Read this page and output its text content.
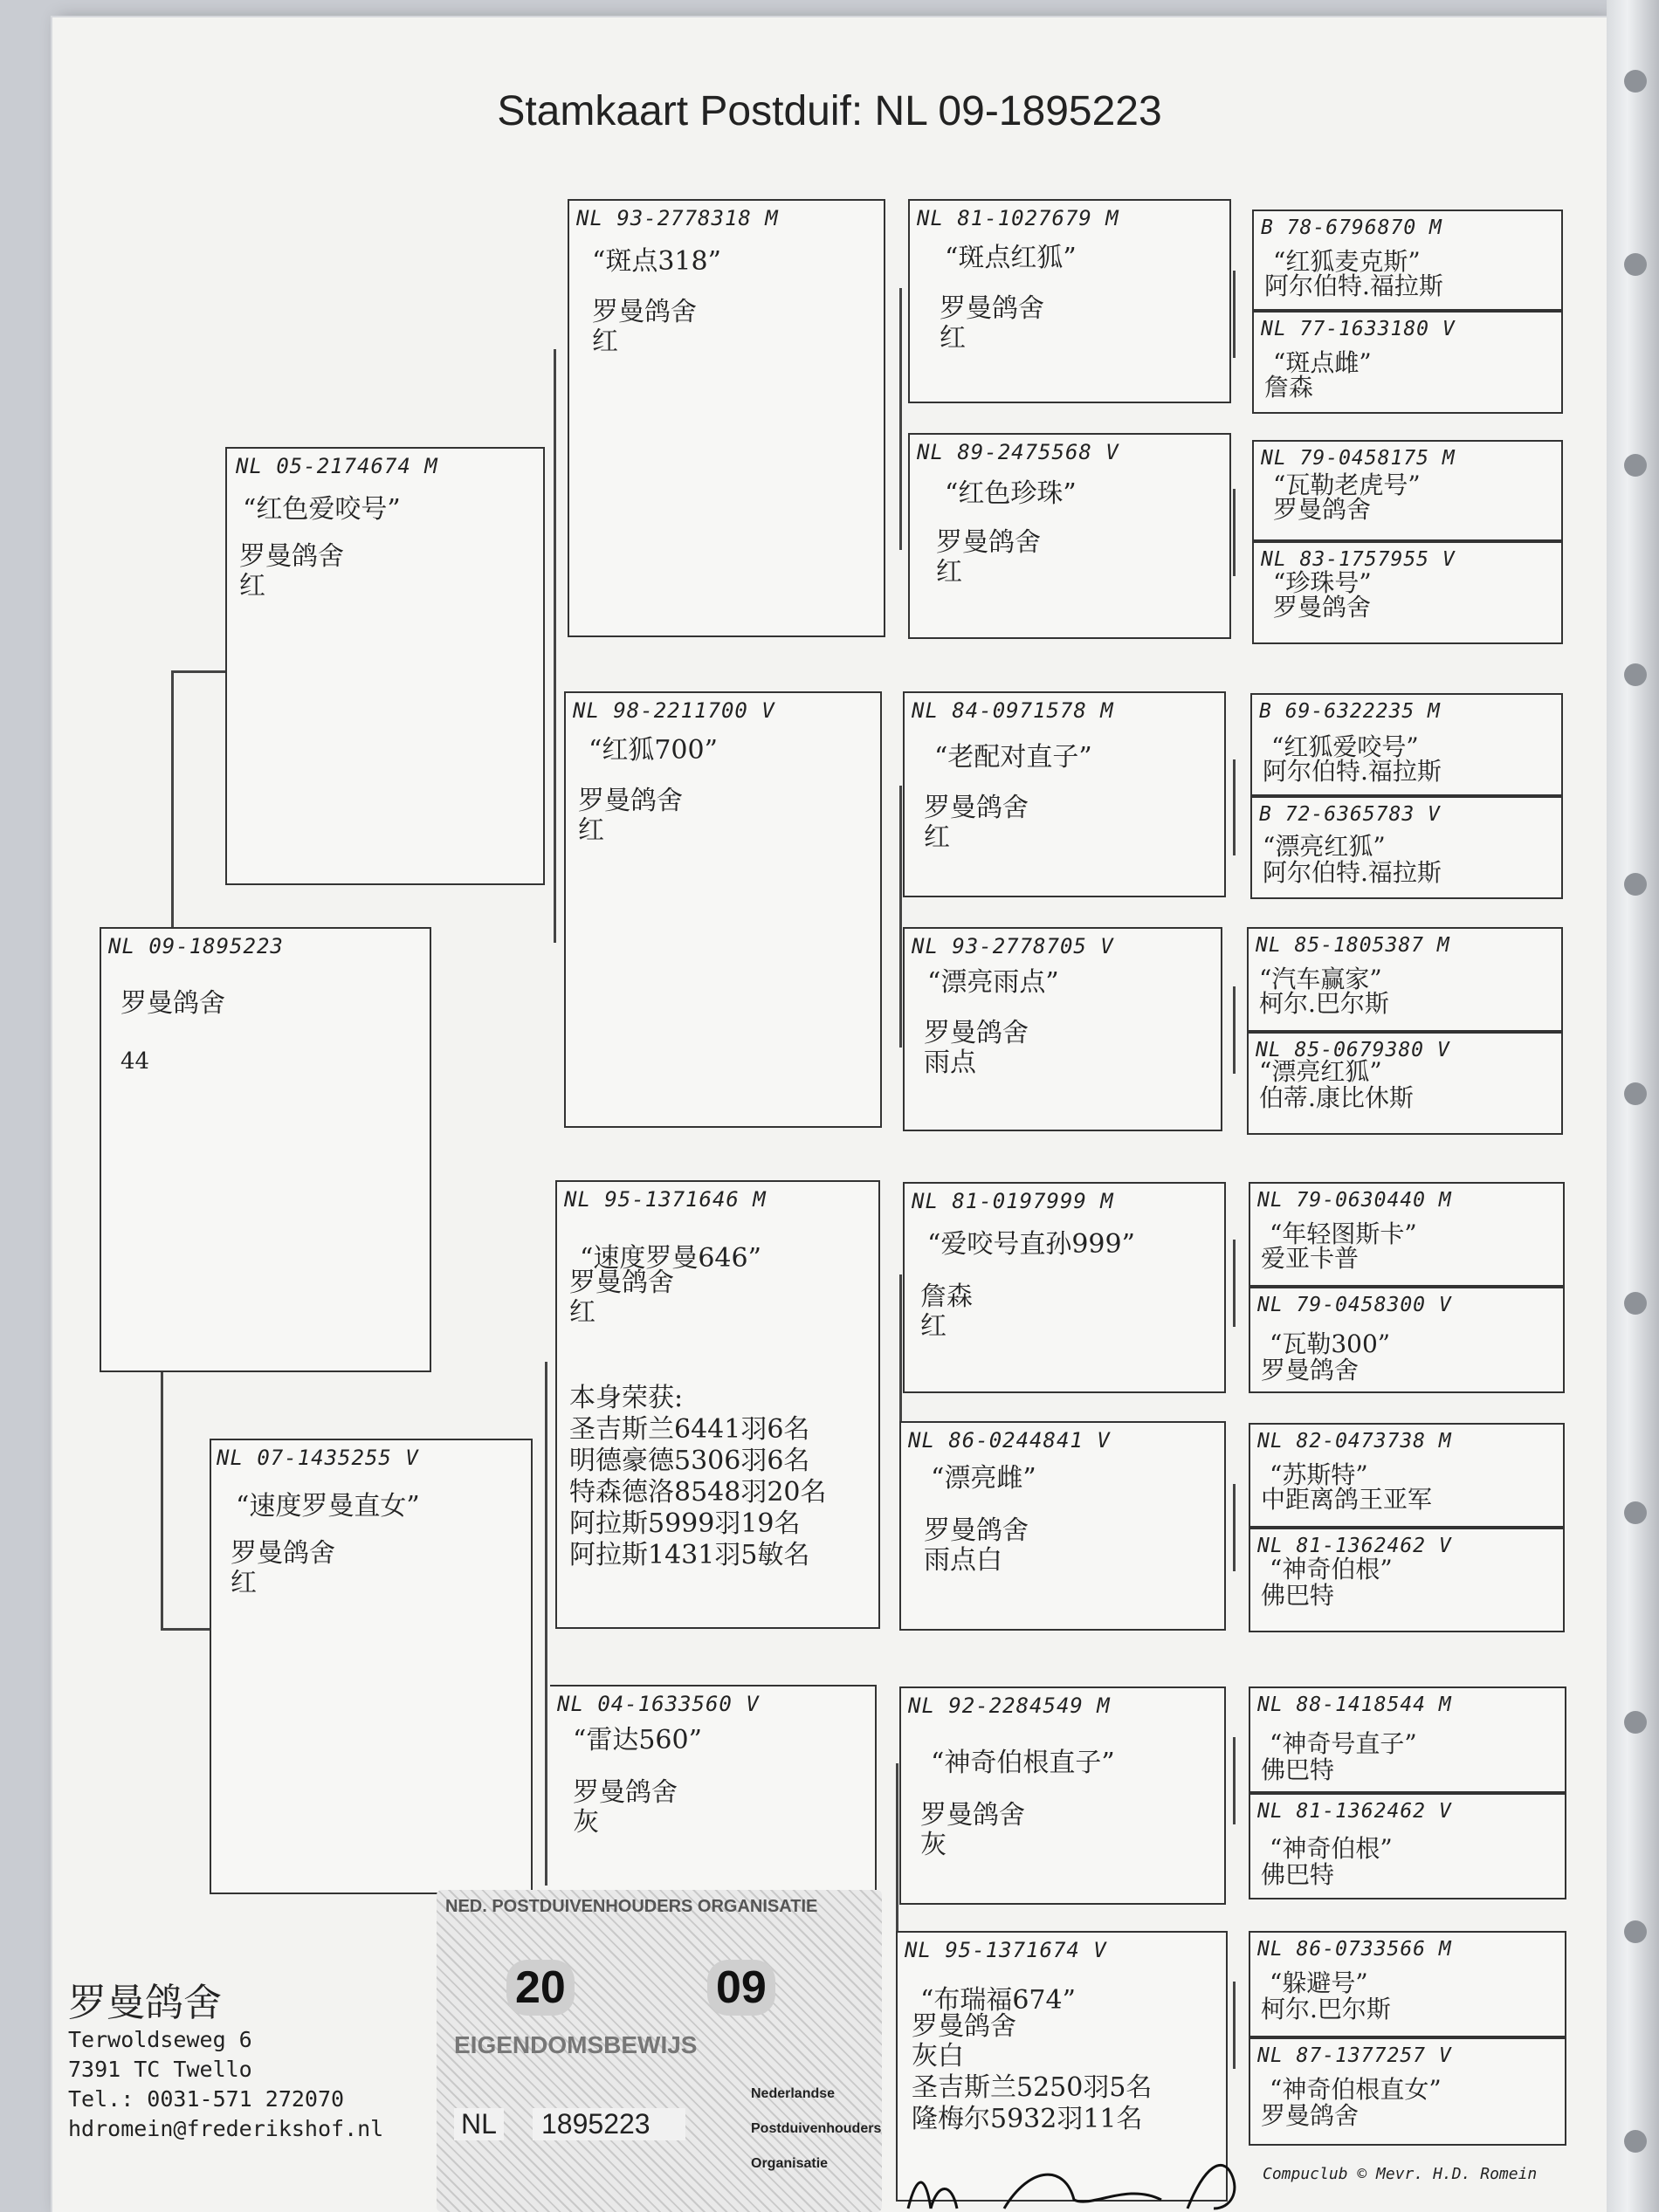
Stamkaart Postduif: NL 09-1895223
NL 09-1895223
罗曼鸽舍
44
NL 05-2174674 M
“红色爱咬号”
罗曼鸽舍
红
NL 07-1435255 V
“速度罗曼直女”
罗曼鸽舍
红
NL 93-2778318 M
“斑点318”
罗曼鸽舍
红
NL 98-2211700 V
“红狐700”
罗曼鸽舍
红
NL 95-1371646 M
“速度罗曼646”
罗曼鸽舍
红
本身荣获:
圣吉斯兰6441羽6名
明德豪德5306羽6名
特森德洛8548羽20名
阿拉斯5999羽19名
阿拉斯1431羽5敏名
NL 04-1633560 V
“雷达560”
罗曼鸽舍
灰
NL 81-1027679 M
“斑点红狐”
罗曼鸽舍
红
NL 89-2475568 V
“红色珍珠”
罗曼鸽舍
红
NL 84-0971578 M
“老配对直子”
罗曼鸽舍
红
NL 93-2778705 V
“漂亮雨点”
罗曼鸽舍
雨点
NL 81-0197999 M
“爱咬号直孙999”
詹森
红
NL 86-0244841 V
“漂亮雌”
罗曼鸽舍
雨点白
NL 92-2284549 M
“神奇伯根直子”
罗曼鸽舍
灰
NL 95-1371674 V
“布瑞福674”
罗曼鸽舍
灰白
圣吉斯兰5250羽5名
隆梅尔5932羽11名
B 78-6796870 M
“红狐麦克斯”
阿尔伯特.福拉斯
NL 77-1633180 V
“斑点雌”
詹森
NL 79-0458175 M
“瓦勒老虎号”
罗曼鸽舍
NL 83-1757955 V
“珍珠号”
罗曼鸽舍
B 69-6322235 M
“红狐爱咬号”
阿尔伯特.福拉斯
B 72-6365783 V
“漂亮红狐”
阿尔伯特.福拉斯
NL 85-1805387 M
“汽车赢家”
柯尔.巴尔斯
NL 85-0679380 V
“漂亮红狐”
伯蒂.康比休斯
NL 79-0630440 M
“年轻图斯卡”
爱亚卡普
NL 79-0458300 V
“瓦勒300”
罗曼鸽舍
NL 82-0473738 M
“苏斯特”
中距离鸽王亚军
NL 81-1362462 V
“神奇伯根”
佛巴特
NL 88-1418544 M
“神奇号直子”
佛巴特
NL 81-1362462 V
“神奇伯根”
佛巴特
NL 86-0733566 M
“躲避号”
柯尔.巴尔斯
NL 87-1377257 V
“神奇伯根直女”
罗曼鸽舍
罗曼鸽舍
Terwoldseweg 6
7391 TC Twello
Tel.: 0031-571 272070
hdromein@frederikshof.nl
NED. POSTDUIVENHOUDERS ORGANISATIE
20	09
EIGENDOMSBEWIJS
NL	1895223
Nederlandse
Postduivenhouders
Organisatie
Compuclub © Mevr. H.D. Romein
